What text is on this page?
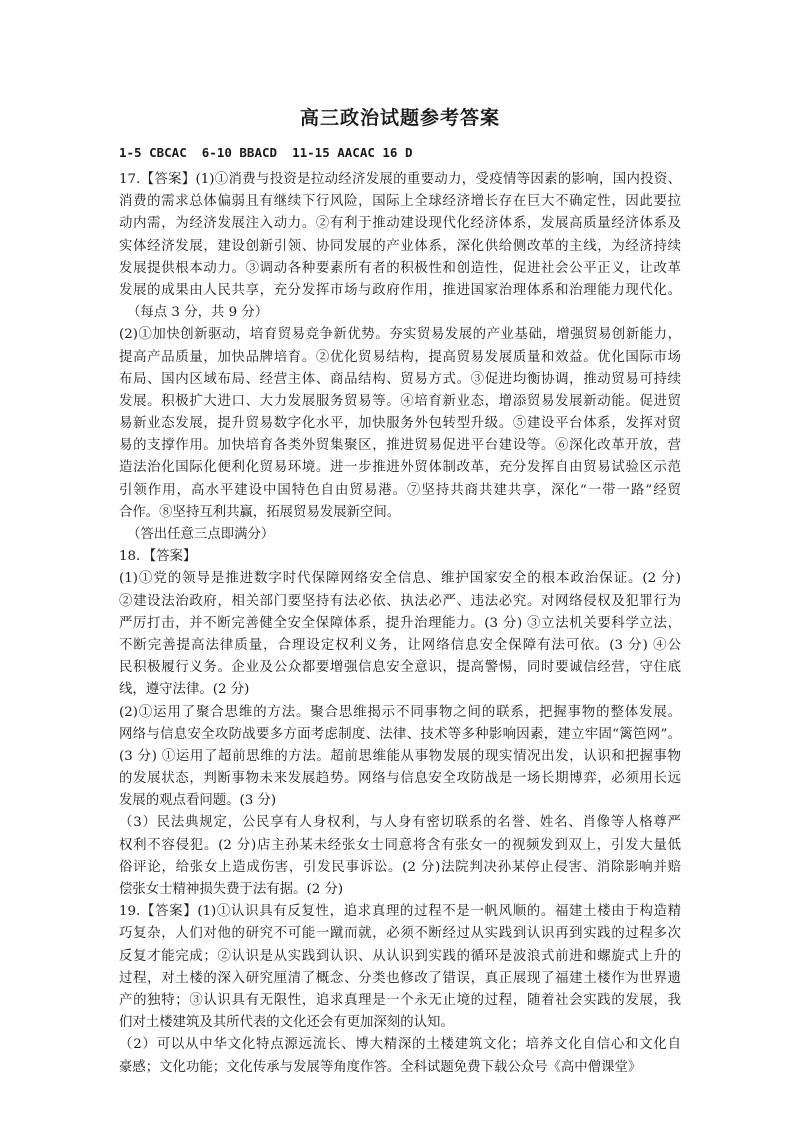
高三政治试题参考答案
1-5 CBCAC  6-10 BBACD  11-15 AACAC 16 D
17.【答案】(1)①消费与投资是拉动经济发展的重要动力，受疫情等因素的影响，国内投资、
消费的需求总体偏弱且有继续下行风险，国际上全球经济增长存在巨大不确定性，因此要拉
动内需，为经济发展注入动力。②有利于推动建设现代化经济体系，发展高质量经济体系及
实体经济发展，建设创新引领、协同发展的产业体系，深化供给侧改革的主线，为经济持续
发展提供根本动力。③调动各种要素所有者的积极性和创造性，促进社会公平正义，让改革
发展的成果由人民共享，充分发挥市场与政府作用，推进国家治理体系和治理能力现代化。
（每点 3 分，共 9 分）
(2)①加快创新驱动，培育贸易竞争新优势。夯实贸易发展的产业基础，增强贸易创新能力，
提高产品质量，加快品牌培育。②优化贸易结构，提高贸易发展质量和效益。优化国际市场
布局、国内区域布局、经营主体、商品结构、贸易方式。③促进均衡协调，推动贸易可持续
发展。积极扩大进口、大力发展服务贸易等。④培育新业态，增添贸易发展新动能。促进贸
易新业态发展，提升贸易数字化水平，加快服务外包转型升级。⑤建设平台体系，发挥对贸
易的支撑作用。加快培育各类外贸集聚区，推进贸易促进平台建设等。⑥深化改革开放，营
造法治化国际化便利化贸易环境。进一步推进外贸体制改革，充分发挥自由贸易试验区示范
引领作用，高水平建设中国特色自由贸易港。⑦坚持共商共建共享，深化“一带一路”经贸
合作。⑧坚持互利共赢，拓展贸易发展新空间。
（答出任意三点即满分）
18．【答案】
(1)①党的领导是推进数字时代保障网络安全信息、维护国家安全的根本政治保证。(2 分)
②建设法治政府，相关部门要坚持有法必依、执法必严、违法必究。对网络侵权及犯罪行为
严厉打击，并不断完善健全安全保障体系，提升治理能力。(3 分) ③立法机关要科学立法，
不断完善提高法律质量，合理设定权利义务，让网络信息安全保障有法可依。(3 分) ④公
民积极履行义务。企业及公众都要增强信息安全意识，提高警惕，同时要诚信经营，守住底
线，遵守法律。(2 分)
(2)①运用了聚合思维的方法。聚合思维揭示不同事物之间的联系，把握事物的整体发展。
网络与信息安全攻防战要多方面考虑制度、法律、技术等多种影响因素，建立牢固“篱笆网”。
(3 分) ①运用了超前思维的方法。超前思维能从事物发展的现实情况出发，认识和把握事物
的发展状态，判断事物未来发展趋势。网络与信息安全攻防战是一场长期博弈，必须用长远
发展的观点看问题。(3 分)
（3）民法典规定，公民享有人身权利，与人身有密切联系的名誉、姓名、肖像等人格尊严
权利不容侵犯。(2 分)店主孙某未经张女士同意将含有张女一的视频发到双上，引发大量低
俗评论，给张女上造成伤害，引发民事诉讼。(2 分)法院判决孙某停止侵害、消除影响并赔
偿张女士精神损失费于法有据。(2 分)
19.【答案】(1)①认识具有反复性，追求真理的过程不是一帆风顺的。福建土楼由于构造精
巧复杂，人们对他的研究不可能一蹴而就，必须不断经过从实践到认识再到实践的过程多次
反复才能完成；②认识是从实践到认识、从认识到实践的循环是波浪式前进和螺旋式上升的
过程，对土楼的深入研究厘清了概念、分类也修改了错误，真正展现了福建土楼作为世界遗
产的独特；③认识具有无限性，追求真理是一个永无止境的过程，随着社会实践的发展，我
们对土楼建筑及其所代表的文化还会有更加深刻的认知。
（2）可以从中华文化特点源远流长、博大精深的土楼建筑文化；培养文化自信心和文化自
豪感；文化功能；文化传承与发展等角度作答。全科试题免费下载公众号《高中僧课堂》
